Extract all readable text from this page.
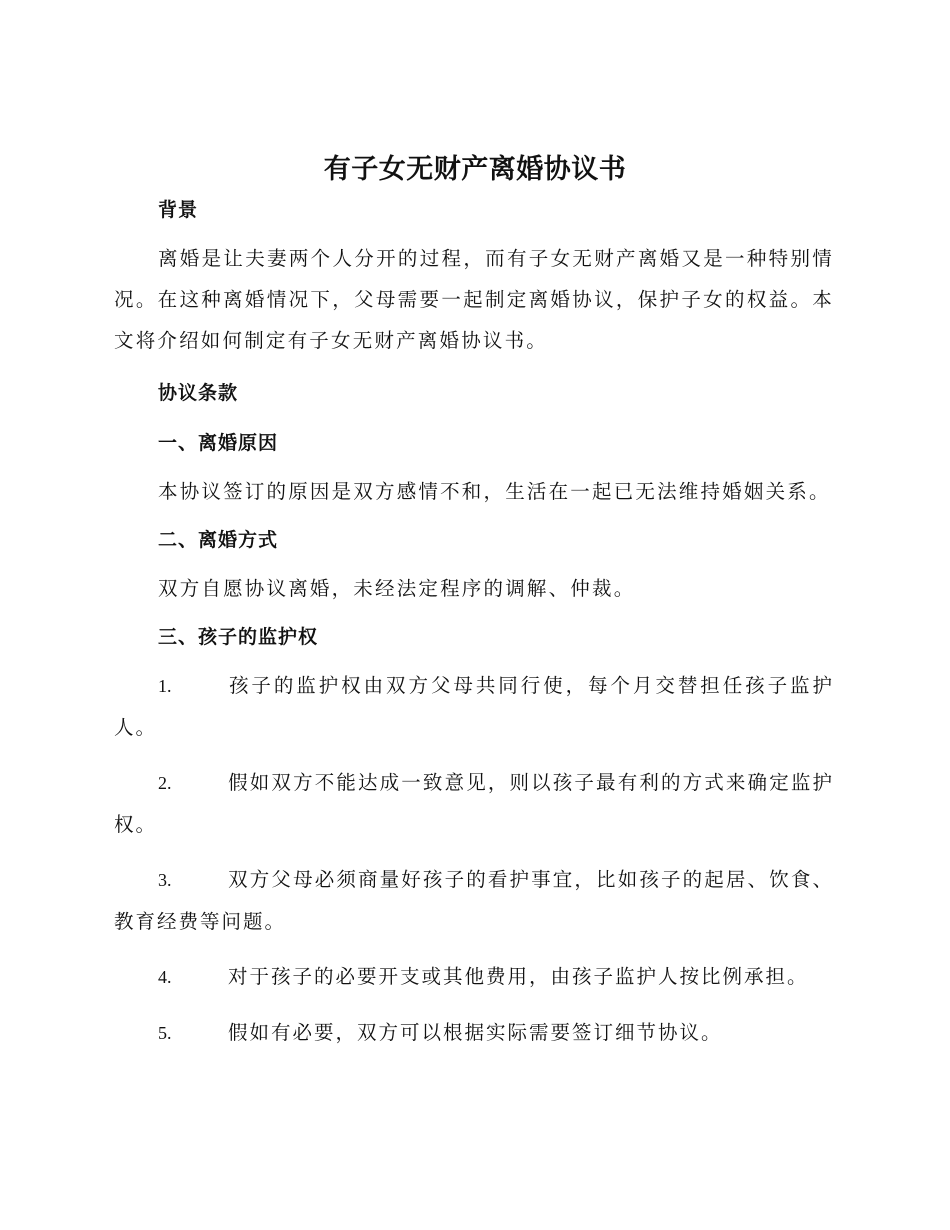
有子女无财产离婚协议书
背景
离婚是让夫妻两个人分开的过程，而有子女无财产离婚又是一种特别情况。在这种离婚情况下，父母需要一起制定离婚协议，保护子女的权益。本文将介绍如何制定有子女无财产离婚协议书。
协议条款
一、离婚原因
本协议签订的原因是双方感情不和，生活在一起已无法维持婚姻关系。
二、离婚方式
双方自愿协议离婚，未经法定程序的调解、仲裁。
三、孩子的监护权
1.	孩子的监护权由双方父母共同行使，每个月交替担任孩子监护人。
2.	假如双方不能达成一致意见，则以孩子最有利的方式来确定监护权。
3.	双方父母必须商量好孩子的看护事宜，比如孩子的起居、饮食、教育经费等问题。
4.	对于孩子的必要开支或其他费用，由孩子监护人按比例承担。
5.	假如有必要，双方可以根据实际需要签订细节协议。
